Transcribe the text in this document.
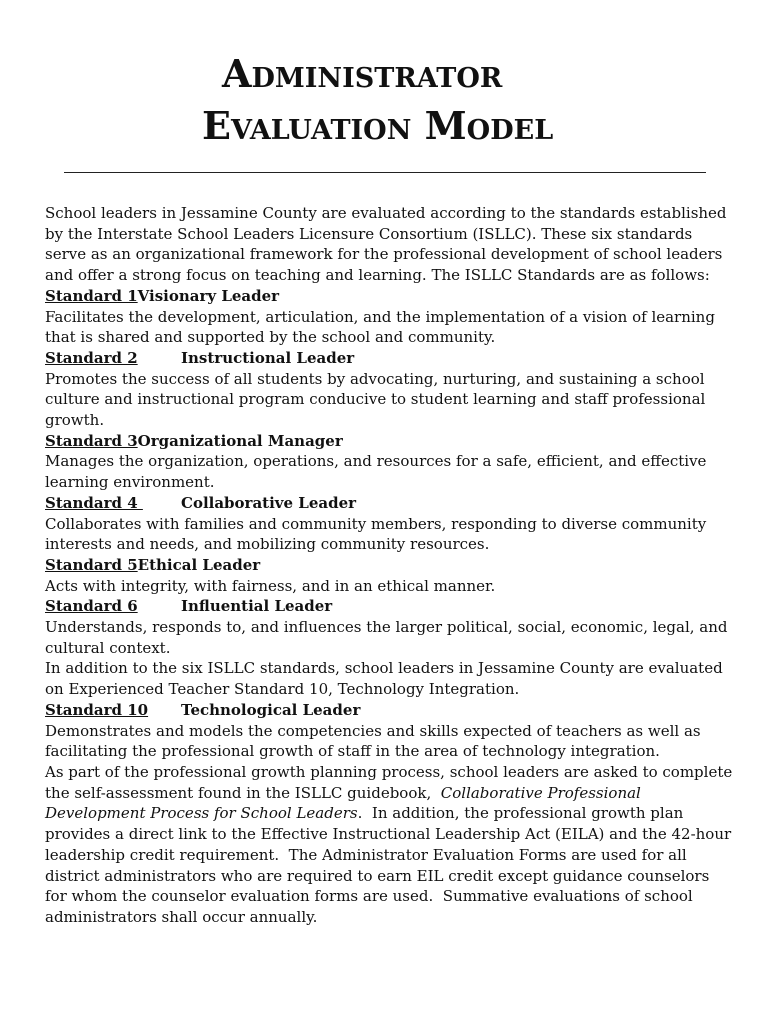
Administrator
Evaluation Model

School leaders in Jessamine County are evaluated according to the standards established by the Interstate School Leaders Licensure Consortium (ISLLC). These six standards serve as an organizational framework for the professional development of school leaders and offer a strong focus on teaching and learning. The ISLLC Standards are as follows:

Standard 1Visionary Leader

Facilitates the development, articulation, and the implementation of a vision of learning that is shared and supported by the school and community.

Standard 2	Instructional Leader

Promotes the success of all students by advocating, nurturing, and sustaining a school culture and instructional program conducive to student learning and staff professional growth.

Standard 3Organizational Manager

Manages the organization, operations, and resources for a safe, efficient, and effective learning environment.

Standard 4	Collaborative Leader

Collaborates with families and community members, responding to diverse community interests and needs, and mobilizing community resources.

Standard 5Ethical Leader

Acts with integrity, with fairness, and in an ethical manner.

Standard 6	Influential Leader

Understands, responds to, and influences the larger political, social, economic, legal, and cultural context.

In addition to the six ISLLC standards, school leaders in Jessamine County are evaluated on Experienced Teacher Standard 10, Technology Integration.

Standard 10 Technological Leader

Demonstrates and models the competencies and skills expected of teachers as well as facilitating the professional growth of staff in the area of technology integration.

As part of the professional growth planning process, school leaders are asked to complete the self-assessment found in the ISLLC guidebook,  Collaborative Professional Development Process for School Leaders.  In addition, the professional growth plan provides a direct link to the Effective Instructional Leadership Act (EILA) and the 42-hour leadership credit requirement.  The Administrator Evaluation Forms are used for all district administrators who are required to earn EIL credit except guidance counselors for whom the counselor evaluation forms are used.  Summative evaluations of school administrators shall occur annually.
